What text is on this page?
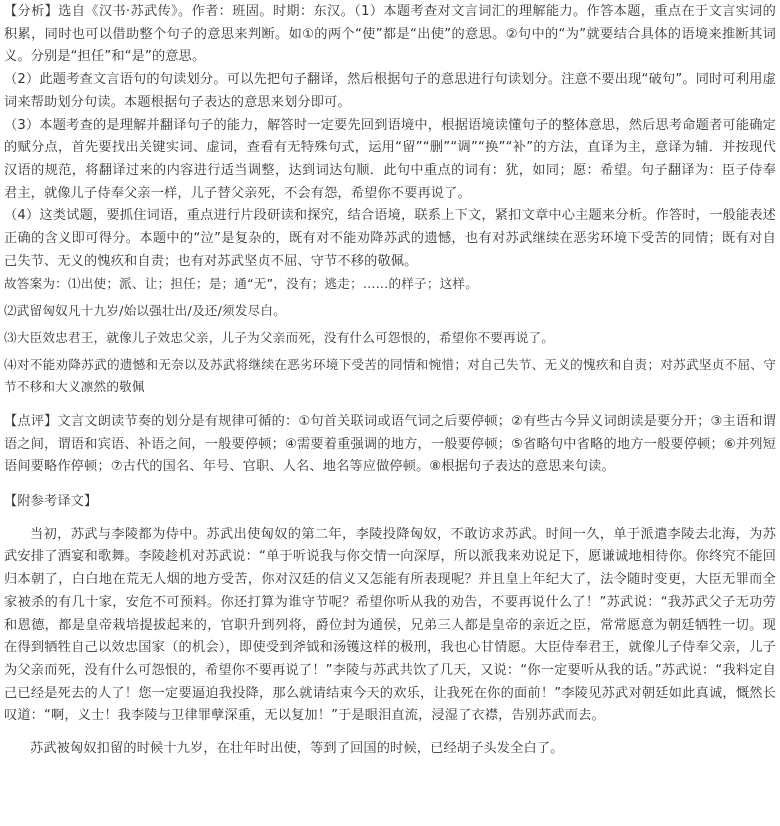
【分析】选自《汉书·苏武传》。作者：班固。时期：东汉。（1）本题考查对文言词汇的理解能力。作答本题，重点在于文言实词的积累，同时也可以借助整个句子的意思来判断。如①的两个“使”都是“出使”的意思。②句中的“为”就要结合具体的语境来推断其词义。分别是“担任”和“是”的意思。

（2）此题考查文言语句的句读划分。可以先把句子翻译，然后根据句子的意思进行句读划分。注意不要出现“破句”。同时可利用虚词来帮助划分句读。本题根据句子表达的意思来划分即可。

（3）本题考查的是理解并翻译句子的能力，解答时一定要先回到语境中，根据语境读懂句子的整体意思，然后思考命题者可能确定的赋分点，首先要找出关键实词、虚词，查看有无特殊句式，运用“留”“删”“调”“换”“补”的方法，直译为主，意译为辅．并按现代汉语的规范，将翻译过来的内容进行适当调整，达到词达句顺．此句中重点的词有：犹，如同；愿：希望。句子翻译为：臣子侍奉君主，就像儿子侍奉父亲一样，儿子替父亲死，不会有怨，希望你不要再说了。

（4）这类试题，要抓住词语，重点进行片段研读和探究，结合语境，联系上下文，紧扣文章中心主题来分析。作答时，一般能表述正确的含义即可得分。本题中的“泣”是复杂的，既有对不能劝降苏武的遗憾，也有对苏武继续在恶劣环境下受苦的同情；既有对自己失节、无义的愧疚和自责；也有对苏武坚贞不屈、守节不移的敬佩。

故答案为：⑴出使；派、让；担任；是；通“无”，没有；逃走；……的样子；这样。

⑵武留匈奴凡十九岁/始以强壮出/及还/须发尽白。

⑶大臣效忠君王，就像儿子效忠父亲，儿子为父亲而死，没有什么可怨恨的，希望你不要再说了。

⑷对不能劝降苏武的遗憾和无奈以及苏武将继续在恶劣环境下受苦的同情和惋惜；对自己失节、无义的愧疚和自责；对苏武坚贞不屈、守节不移和大义凛然的敬佩

【点评】文言文朗读节奏的划分是有规律可循的：①句首关联词或语气词之后要停顿；②有些古今异义词朗读是要分开；③主语和谓语之间，谓语和宾语、补语之间，一般要停顿；④需要着重强调的地方，一般要停顿；⑤省略句中省略的地方一般要停顿；⑥并列短语间要略作停顿；⑦古代的国名、年号、官职、人名、地名等应做停顿。⑧根据句子表达的意思来句读。

【附参考译文】

当初，苏武与李陵都为侍中。苏武出使匈奴的第二年，李陵投降匈奴，不敢访求苏武。时间一久，单于派遣李陵去北海，为苏武安排了酒宴和歌舞。李陵趁机对苏武说：“单于听说我与你交情一向深厚，所以派我来劝说足下，愿谦诚地相待你。你终究不能回归本朝了，白白地在荒无人烟的地方受苦，你对汉廷的信义又怎能有所表现呢？并且皇上年纪大了，法令随时变更，大臣无罪而全家被杀的有几十家，安危不可预料。你还打算为谁守节呢？希望你听从我的劝告，不要再说什么了！”苏武说：“我苏武父子无功劳和恩德，都是皇帝栽培提拔起来的，官职升到列将，爵位封为通侯，兄弟三人都是皇帝的亲近之臣，常常愿意为朝廷牺牲一切。现在得到牺牲自己以效忠国家（的机会），即使受到斧钺和汤镬这样的极刑，我也心甘情愿。大臣侍奉君王，就像儿子侍奉父亲，儿子为父亲而死，没有什么可怨恨的，希望你不要再说了！”李陵与苏武共饮了几天，又说：“你一定要听从我的话。”苏武说：“我料定自己已经是死去的人了！您一定要逼迫我投降，那么就请结束今天的欢乐，让我死在你的面前！”李陵见苏武对朝廷如此真诚，慨然长叹道：“啊，义士！我李陵与卫律罪孽深重，无以复加！”于是眼泪直流，浸湿了衣襟，告别苏武而去。

苏武被匈奴扣留的时候十九岁，在壮年时出使，等到了回国的时候，已经胡子头发全白了。
